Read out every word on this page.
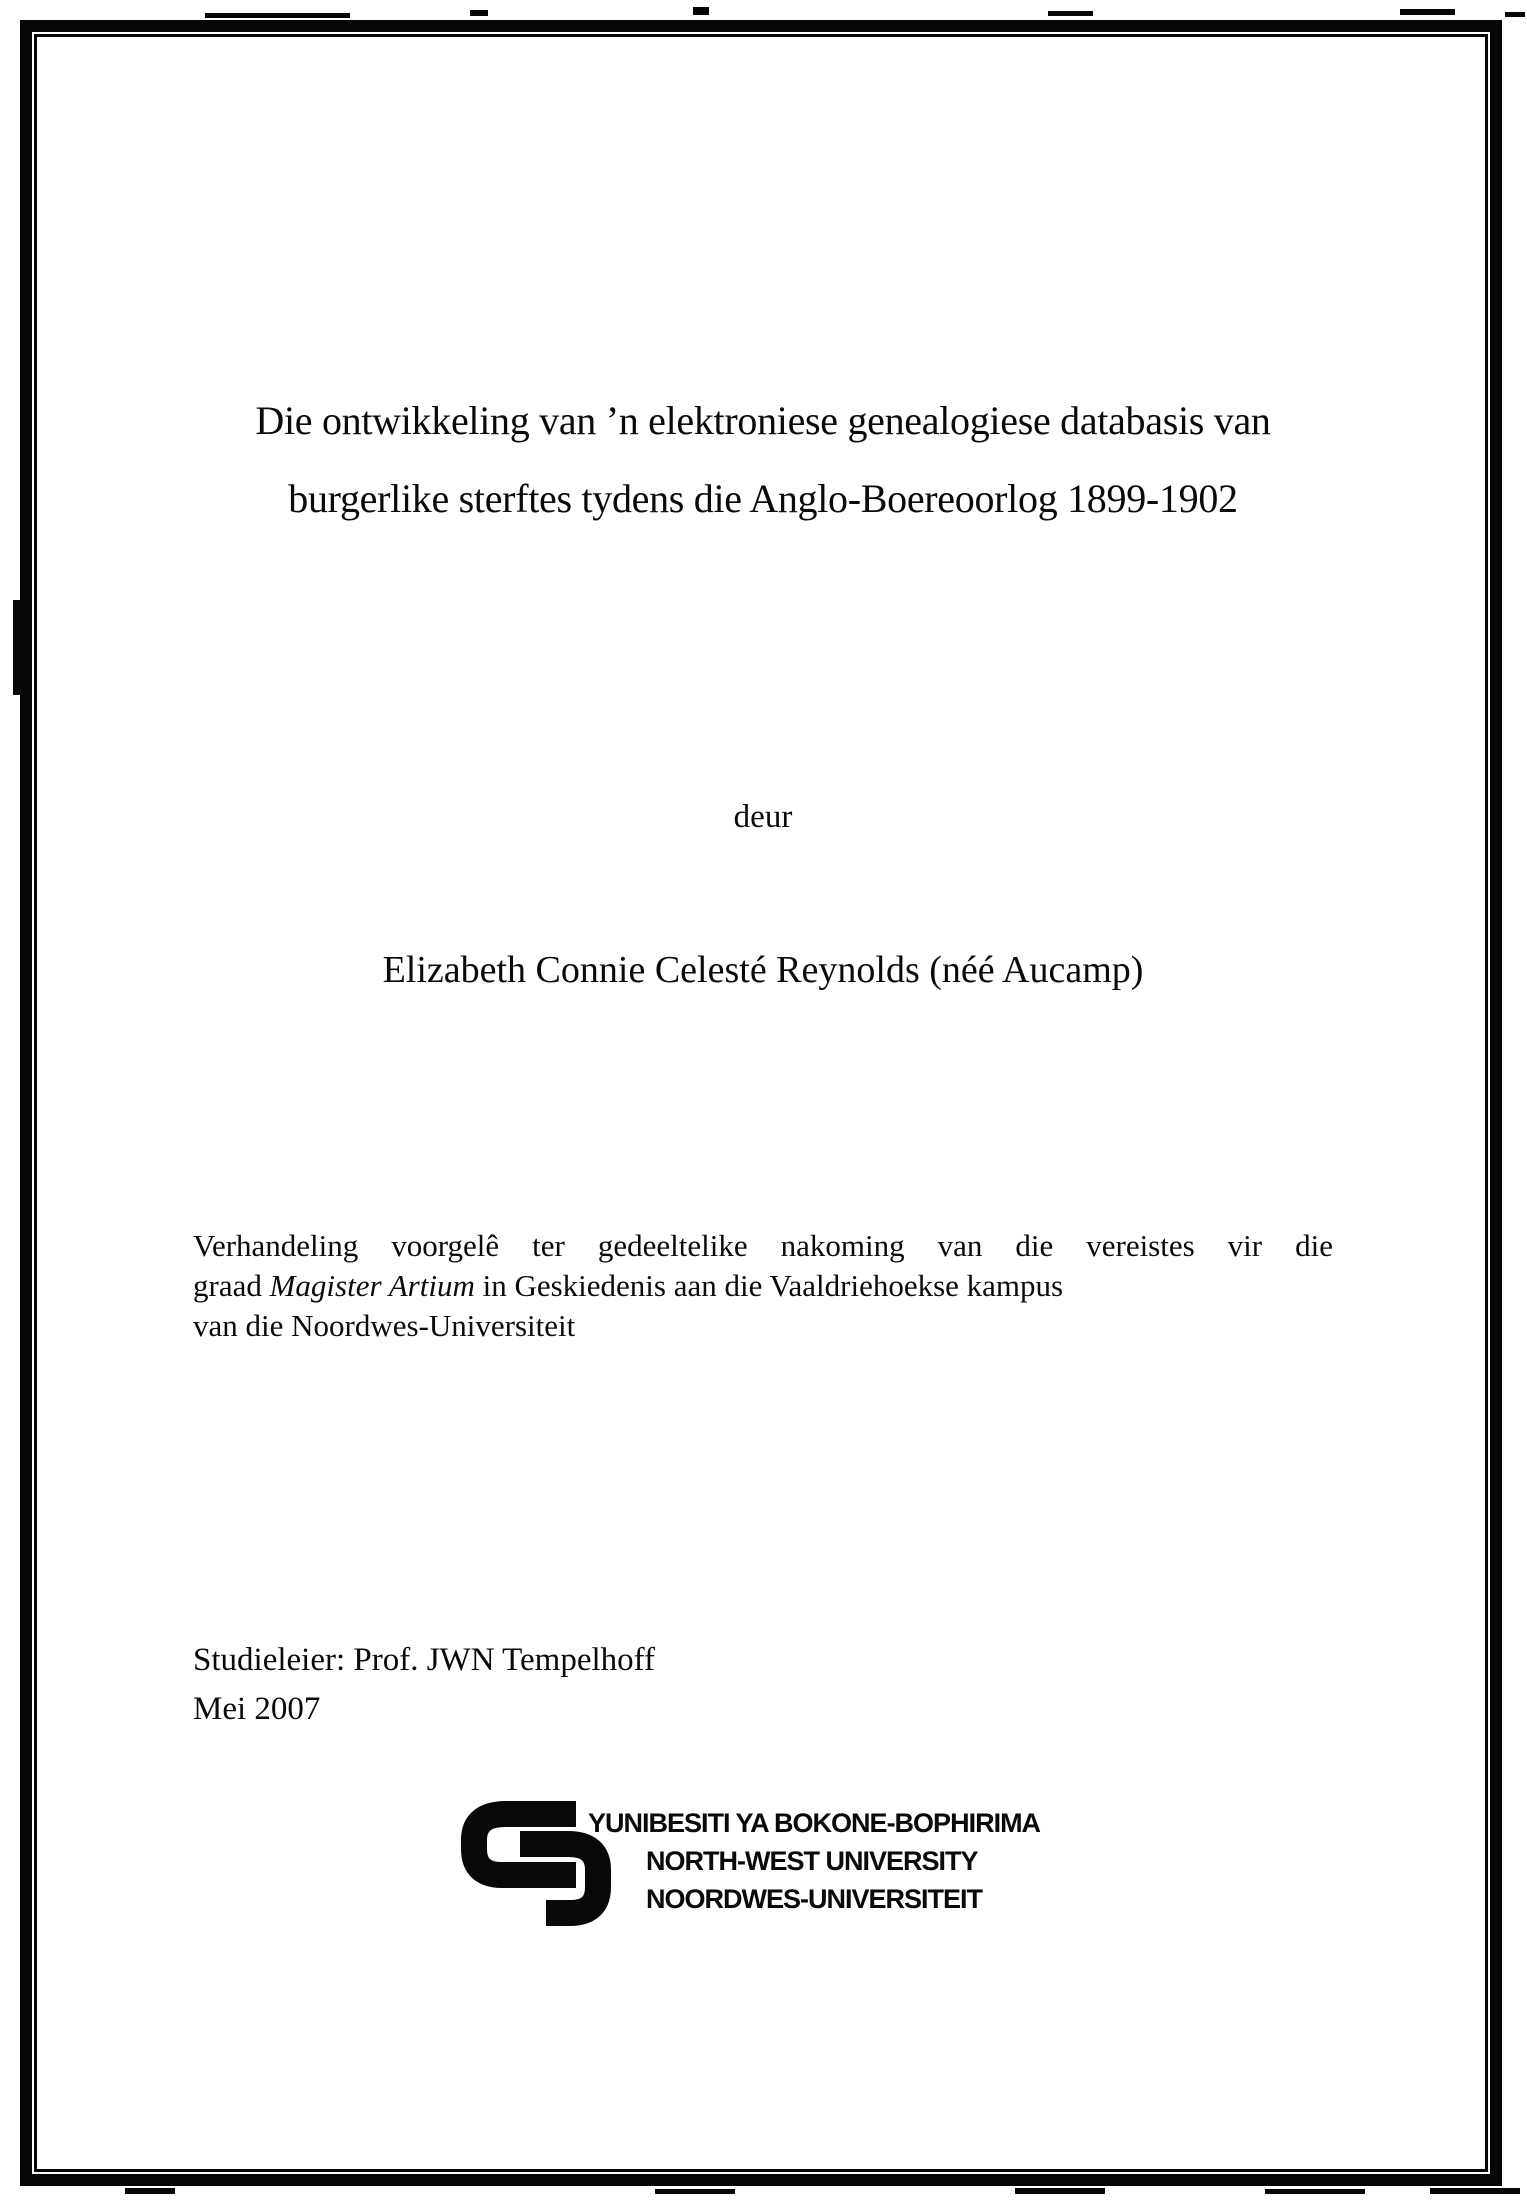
Die ontwikkeling van ’n elektroniese genealogiese databasis van
burgerlike sterftes tydens die Anglo-Boereoorlog 1899-1902
deur
Elizabeth Connie Celesté Reynolds (néé Aucamp)
Verhandeling voorgelê ter gedeeltelike nakoming van die vereistes vir die
graad Magister Artium in Geskiedenis aan die Vaaldriehoekse kampus
van die Noordwes-Universiteit
Studieleier: Prof. JWN Tempelhoff
Mei 2007
YUNIBESITI YA BOKONE-BOPHIRIMA
NORTH-WEST UNIVERSITY
NOORDWES-UNIVERSITEIT
